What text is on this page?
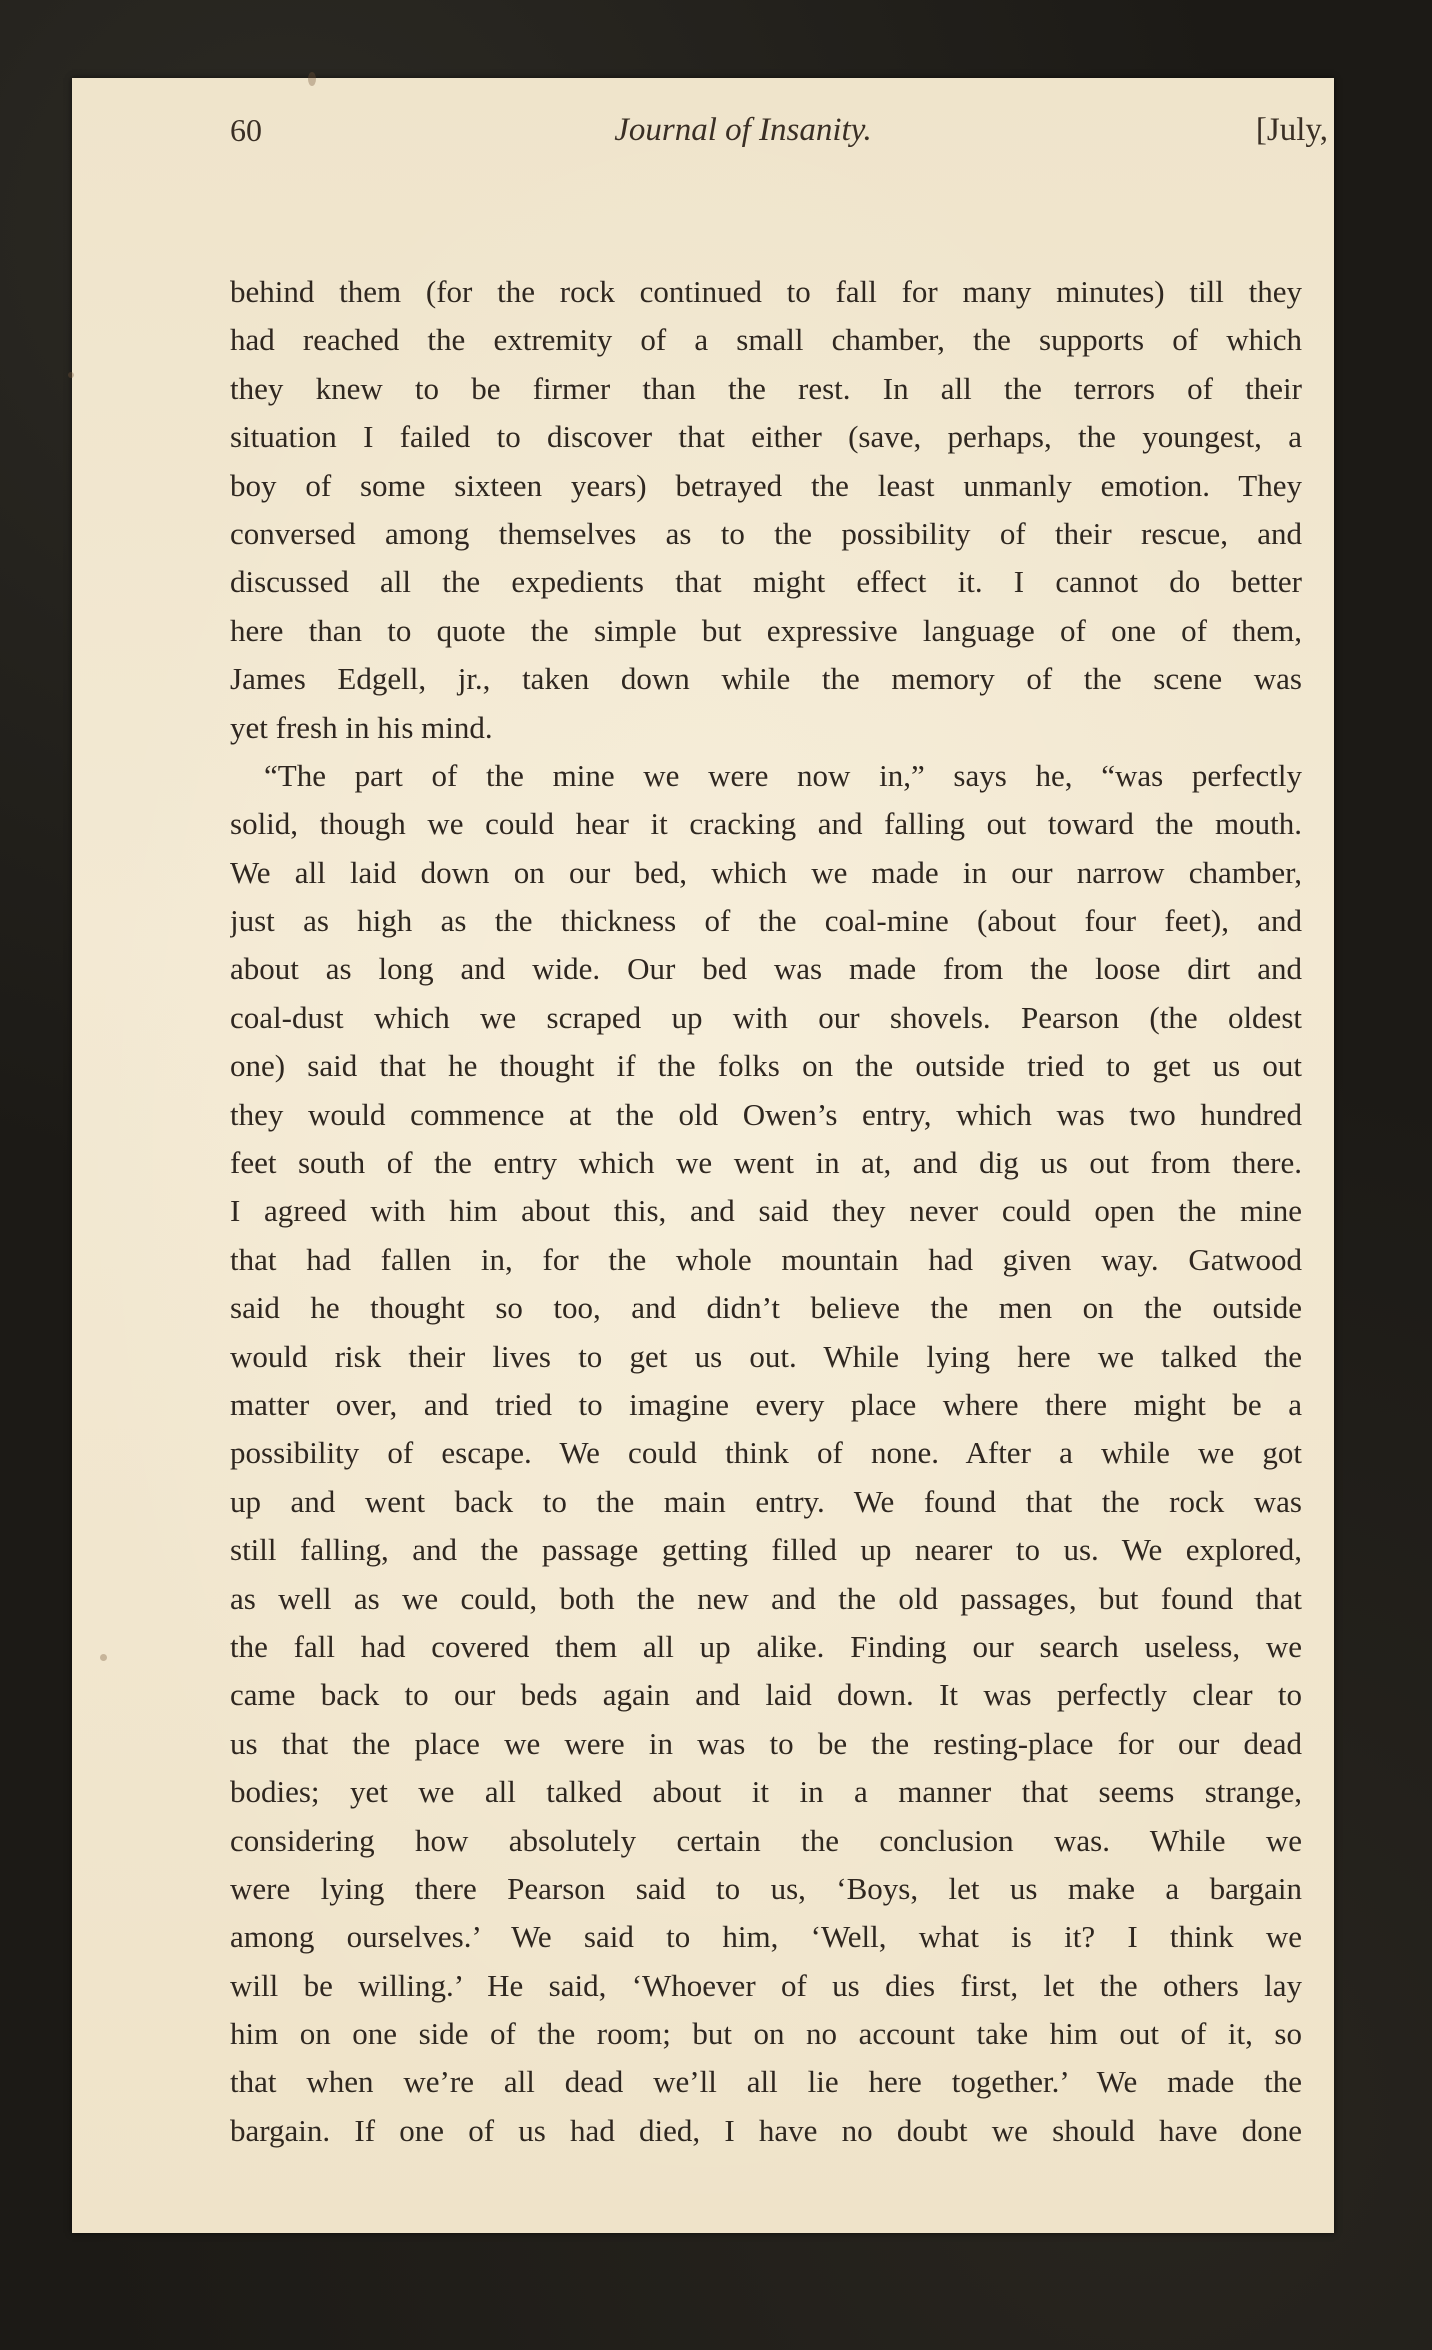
60	Journal of Insanity.	[July,
behind them (for the rock continued to fall for many minutes) till they
had reached the extremity of a small chamber, the supports of which
they knew to be firmer than the rest. In all the terrors of their
situation I failed to discover that either (save, perhaps, the youngest, a
boy of some sixteen years) betrayed the least unmanly emotion. They
conversed among themselves as to the possibility of their rescue, and
discussed all the expedients that might effect it. I cannot do better
here than to quote the simple but expressive language of one of them,
James Edgell, jr., taken down while the memory of the scene was
yet fresh in his mind.
“The part of the mine we were now in,” says he, “was perfectly
solid, though we could hear it cracking and falling out toward the mouth.
We all laid down on our bed, which we made in our narrow chamber,
just as high as the thickness of the coal-mine (about four feet), and
about as long and wide. Our bed was made from the loose dirt and
coal-dust which we scraped up with our shovels. Pearson (the oldest
one) said that he thought if the folks on the outside tried to get us out
they would commence at the old Owen’s entry, which was two hundred
feet south of the entry which we went in at, and dig us out from there.
I agreed with him about this, and said they never could open the mine
that had fallen in, for the whole mountain had given way. Gatwood
said he thought so too, and didn’t believe the men on the outside
would risk their lives to get us out. While lying here we talked the
matter over, and tried to imagine every place where there might be a
possibility of escape. We could think of none. After a while we got
up and went back to the main entry. We found that the rock was
still falling, and the passage getting filled up nearer to us. We explored,
as well as we could, both the new and the old passages, but found that
the fall had covered them all up alike. Finding our search useless, we
came back to our beds again and laid down. It was perfectly clear to
us that the place we were in was to be the resting-place for our dead
bodies; yet we all talked about it in a manner that seems strange,
considering how absolutely certain the conclusion was. While we
were lying there Pearson said to us, ‘Boys, let us make a bargain
among ourselves.’ We said to him, ‘Well, what is it? I think we
will be willing.’ He said, ‘Whoever of us dies first, let the others lay
him on one side of the room; but on no account take him out of it, so
that when we’re all dead we’ll all lie here together.’ We made the
bargain. If one of us had died, I have no doubt we should have done
